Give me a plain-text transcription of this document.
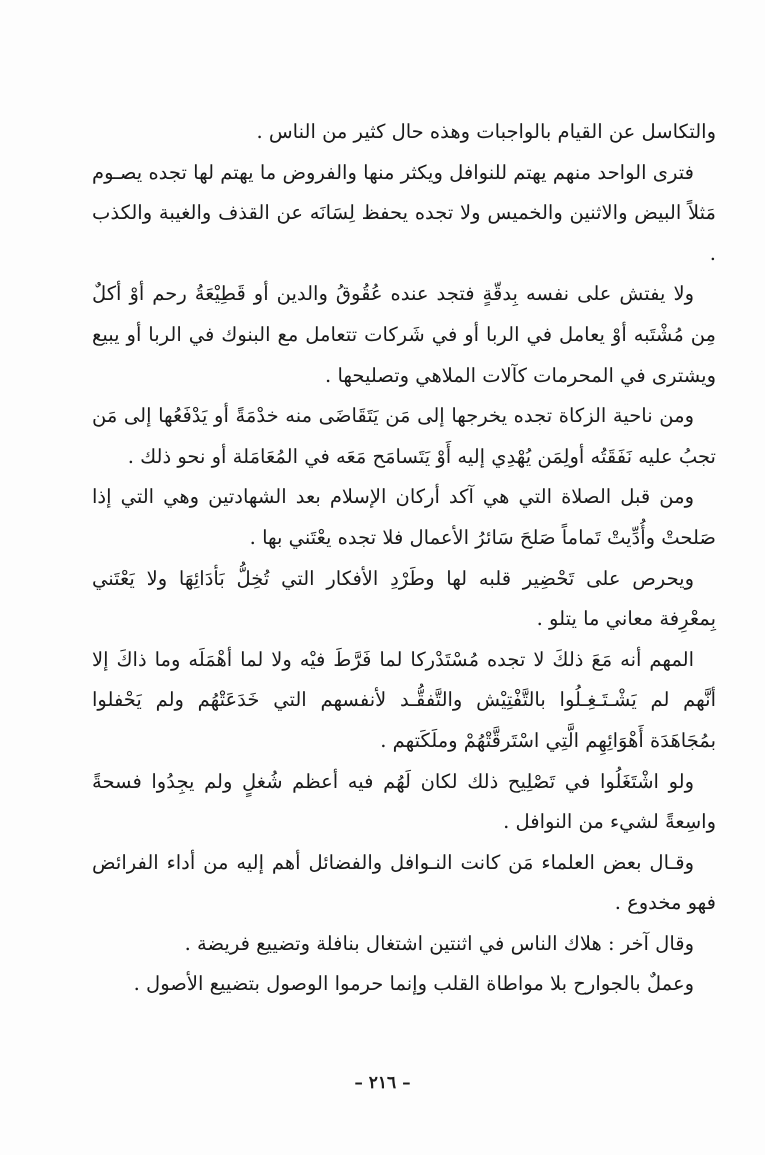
والتكاسل عن القيام بالواجبات وهذه حال كثير من الناس .

فترى الواحد منهم يهتم للنوافل ويكثر منها والفروض ما يهتم لها تجده يصـوم مَثلاً البيض والاثنين والخميس ولا تجده يحفظ لِسَانَه عن القذف والغيبة والكذب .

ولا يفتش على نفسه بِدقّةٍ فتجد عنده عُقُوقُ والدين أو قَطِيْعَةُ رحم أوْ أكلٌ مِن مُشْتَبه أوْ يعامل في الربا أو في شَركات تتعامل مع البنوك في الربا أو يبيع ويشترى في المحرمات كآلات الملاهي وتصليحها .

ومن ناحية الزكاة تجده يخرجها إلى مَن يَتَقَاضَى منه خدْمَةً أو يَدْفَعُها إلى مَن تجبُ عليه نَفَقَتُه أولِمَن يُهْدِي إليه أَوْ يَتَسامَح مَعَه في المُعَامَلة أو نحو ذلك .

ومن قبل الصلاة التي هي آكد أركان الإسلام بعد الشهادتين وهي التي إذا صَلحتْ وأُدِّيتْ تَماماً صَلحَ سَائرُ الأعمال فلا تجده يعْتَني بها .

ويحرص على تَحْضِير قلبه لها وطَرْدِ الأفكار التي تُخِلُّ بَأدَائِهَا ولا يَعْتَني بِمعْرِفة معاني ما يتلو .

المهم أنه مَعَ ذلكَ لا تجده مُسْتَدْركا لما فَرَّطَ فيْه ولا لما أهْمَلَه وما ذاكَ إلا أنَّهم لم يَشْـتَـغِـلُوا بالتَّفْتِيْش والتَّفقُّـد لأنفسهم التي خَدَعَتْهُم ولم يَحْفلوا بمُجَاهَدَة أَهْوَائِهِم الَّتِي اسْتَرقَّتْهُمْ وملَكَتهم .

ولو اشْتَغَلُوا في تَصْلِيح ذلك لكان لَهُم فيه أعظم شُغلٍ ولم يجِدُوا فسحةً واسِعةً لشيء من النوافل .

وقـال بعض العلماء مَن كانت النـوافل والفضائل أهم إليه من أداء الفرائض فهو مخدوع .

وقال آخر : هلاك الناس في اثنتين اشتغال بنافلة وتضييع فريضة .

وعملٌ بالجوارح بلا مواطاة القلب وإنما حرموا الوصول بتضييع الأصول .

– ٢١٦ –
